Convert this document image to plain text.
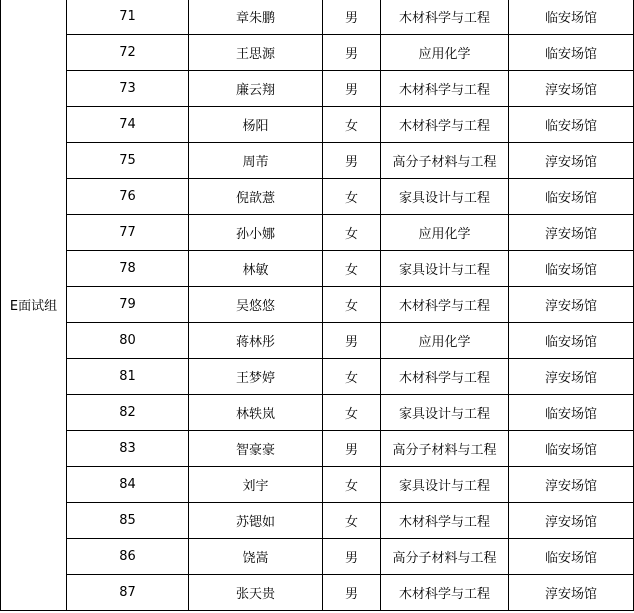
E面试组	71	章朱鹏	男	木材科学与工程	临安场馆
	72	王思源	男	应用化学	临安场馆
	73	廉云翔	男	木材科学与工程	淳安场馆
	74	杨阳	女	木材科学与工程	临安场馆
	75	周芾	男	高分子材料与工程	淳安场馆
	76	倪歆薏	女	家具设计与工程	临安场馆
	77	孙小娜	女	应用化学	淳安场馆
	78	林敏	女	家具设计与工程	临安场馆
	79	吴悠悠	女	木材科学与工程	淳安场馆
	80	蒋林彤	男	应用化学	临安场馆
	81	王梦婷	女	木材科学与工程	淳安场馆
	82	林轶岚	女	家具设计与工程	临安场馆
	83	智豪豪	男	高分子材料与工程	临安场馆
	84	刘宇	女	家具设计与工程	淳安场馆
	85	苏锶如	女	木材科学与工程	淳安场馆
	86	饶嵩	男	高分子材料与工程	临安场馆
	87	张天贵	男	木材科学与工程	淳安场馆
